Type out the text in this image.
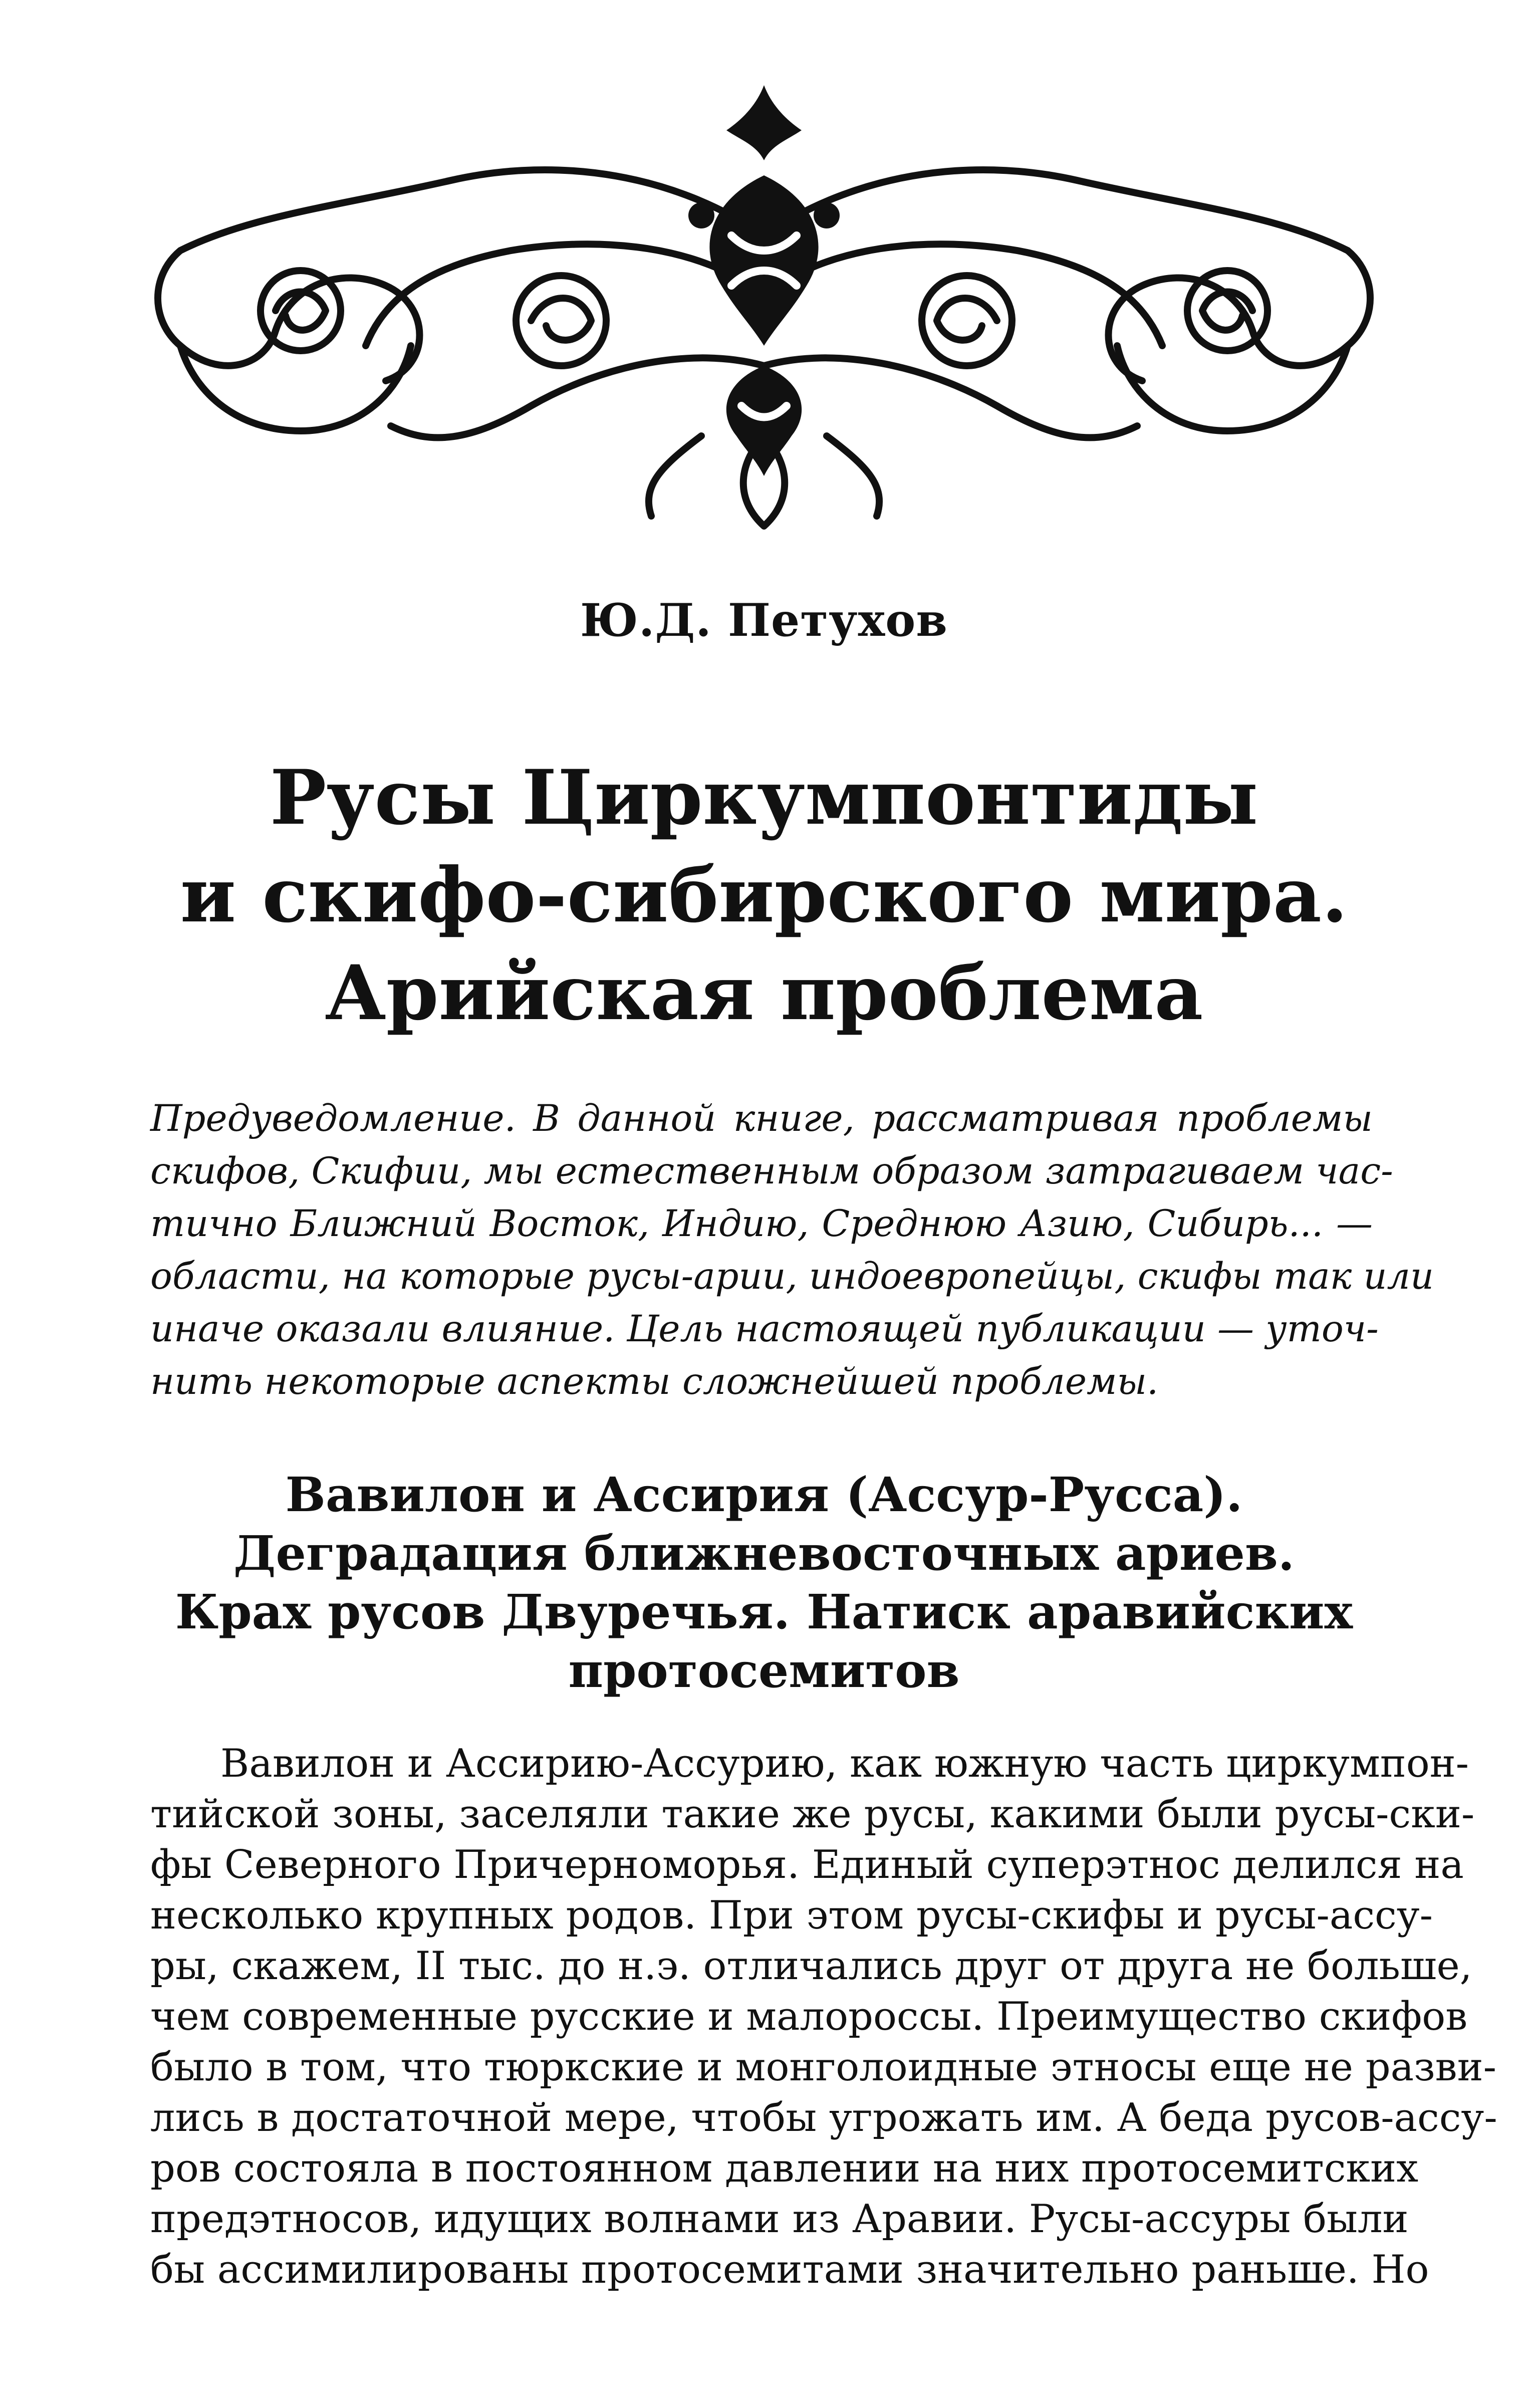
Ю.Д. Петухов
Русы Циркумпонтиды
и скифо-сибирского мира.
Арийская проблема
Предуведомление. В данной книге, рассматривая проблемы
скифов, Скифии, мы естественным образом затрагиваем час-
тично Ближний Восток, Индию, Среднюю Азию, Сибирь... —
области, на которые русы-арии, индоевропейцы, скифы так или
иначе оказали влияние. Цель настоящей публикации — уточ-
нить некоторые аспекты сложнейшей проблемы.
Вавилон и Ассирия (Ассур-Русса).
Деградация ближневосточных ариев.
Крах русов Двуречья. Натиск аравийских
протосемитов
Вавилон и Ассирию-Ассурию, как южную часть циркумпон-
тийской зоны, заселяли такие же русы, какими были русы-ски-
фы Северного Причерноморья. Единый суперэтнос делился на
несколько крупных родов. При этом русы-скифы и русы-ассу-
ры, скажем, II тыс. до н.э. отличались друг от друга не больше,
чем современные русские и малороссы. Преимущество скифов
было в том, что тюркские и монголоидные этносы еще не разви-
лись в достаточной мере, чтобы угрожать им. А беда русов-ассу-
ров состояла в постоянном давлении на них протосемитских
предэтносов, идущих волнами из Аравии. Русы-ассуры были
бы ассимилированы протосемитами значительно раньше. Но
